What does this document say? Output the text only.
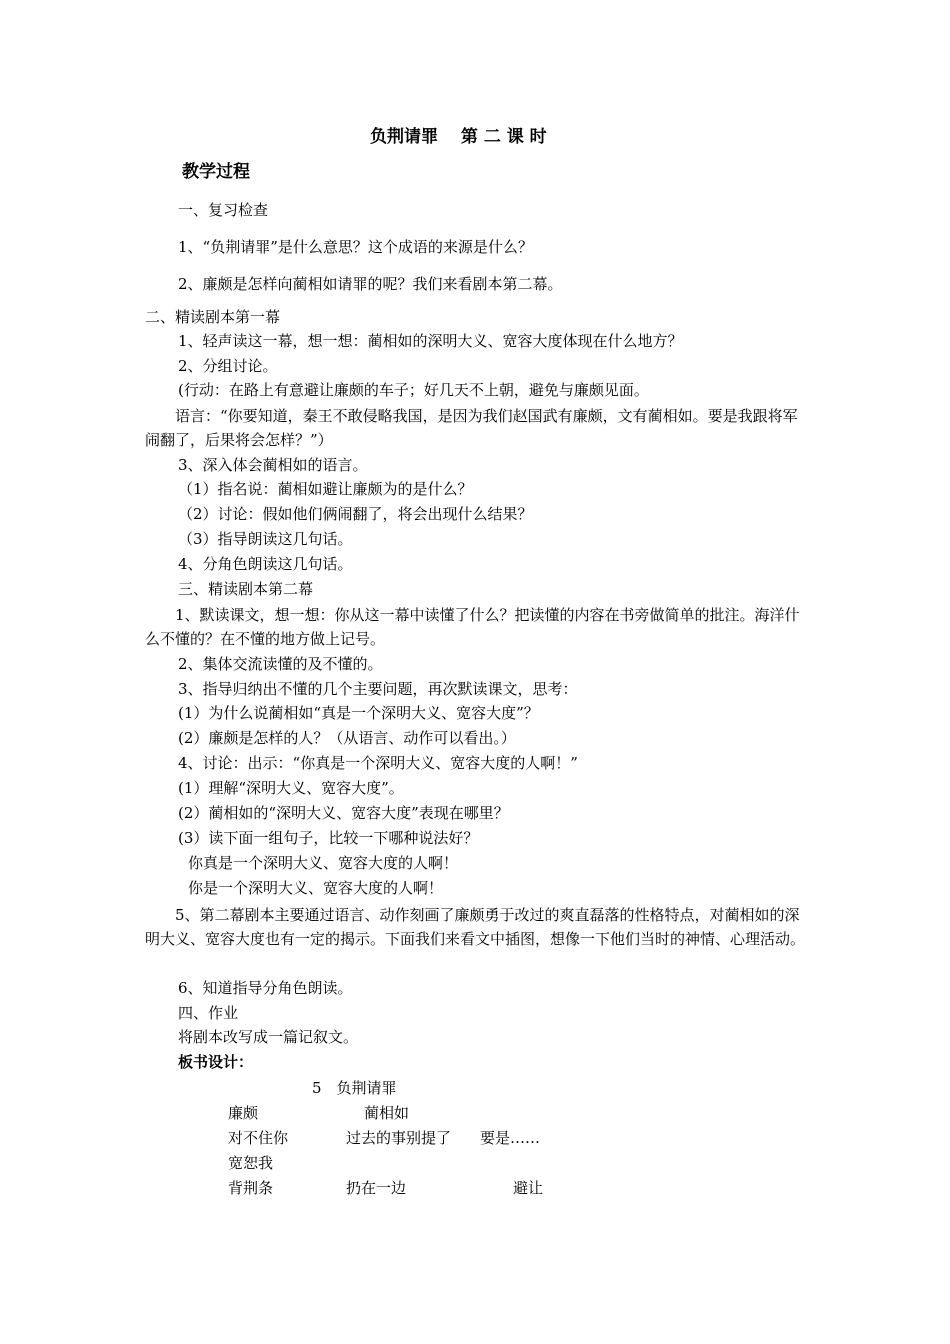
负荆请罪　 第 二 课 时
教学过程
一、复习检查
1、“负荆请罪”是什么意思？这个成语的来源是什么？
2、廉颇是怎样向蔺相如请罪的呢？我们来看剧本第二幕。
二、精读剧本第一幕
1、轻声读这一幕，想一想：蔺相如的深明大义、宽容大度体现在什么地方？
2、分组讨论。
(行动：在路上有意避让廉颇的车子；好几天不上朝，避免与廉颇见面。
语言：“你要知道，秦王不敢侵略我国，是因为我们赵国武有廉颇，文有蔺相如。要是我跟将军闹翻了，后果将会怎样？”）
3、深入体会蔺相如的语言。
（1）指名说：蔺相如避让廉颇为的是什么？
（2）讨论：假如他们俩闹翻了，将会出现什么结果？
（3）指导朗读这几句话。
4、分角色朗读这几句话。
三、精读剧本第二幕
1、默读课文，想一想：你从这一幕中读懂了什么？把读懂的内容在书旁做简单的批注。海洋什么不懂的？在不懂的地方做上记号。
2、集体交流读懂的及不懂的。
3、指导归纳出不懂的几个主要问题，再次默读课文，思考：
(1）为什么说蔺相如“真是一个深明大义、宽容大度”？
(2）廉颇是怎样的人？（从语言、动作可以看出。）
4、讨论：出示：“你真是一个深明大义、宽容大度的人啊！”
(1）理解“深明大义、宽容大度”。
(2）蔺相如的“深明大义、宽容大度”表现在哪里？
(3）读下面一组句子，比较一下哪种说法好？
你真是一个深明大义、宽容大度的人啊！
你是一个深明大义、宽容大度的人啊！
5、第二幕剧本主要通过语言、动作刻画了廉颇勇于改过的爽直磊落的性格特点，对蔺相如的深明大义、宽容大度也有一定的揭示。下面我们来看文中插图，想像一下他们当时的神情、心理活动。
6、知道指导分角色朗读。
四、作业
将剧本改写成一篇记叙文。
板书设计：
5　负荆请罪
廉颇	蔺相如
对不住你	过去的事别提了 要是……
宽恕我
背荆条	扔在一边	避让
